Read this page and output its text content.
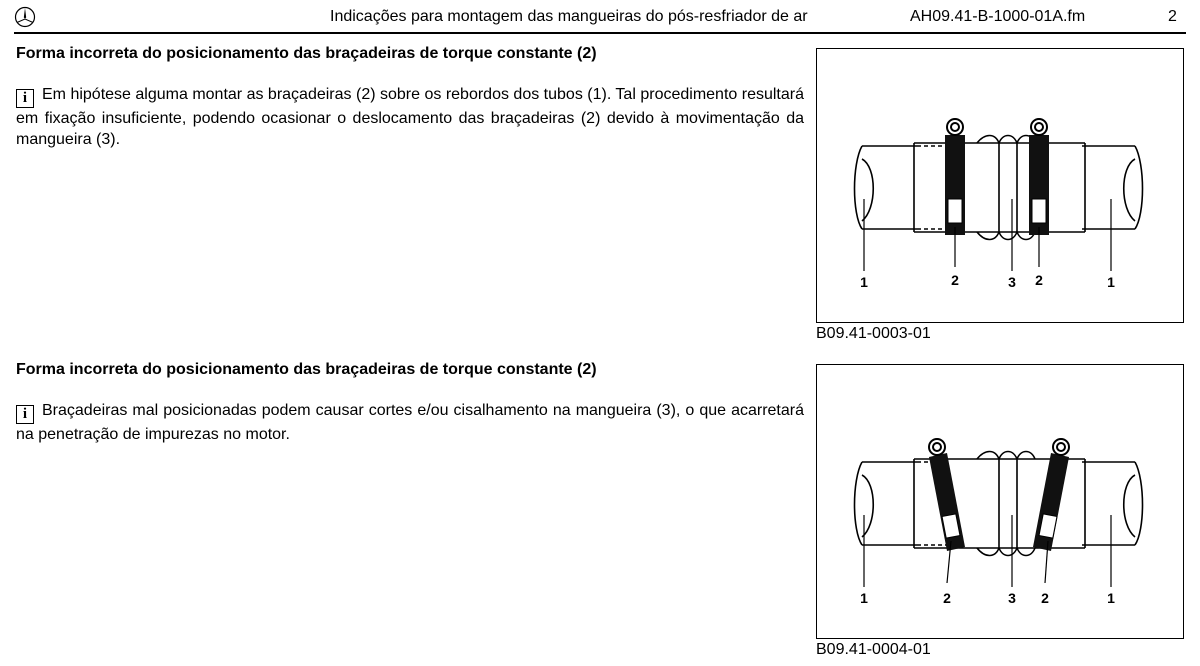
Indicações para montagem das mangueiras do pós-resfriador de ar	AH09.41-B-1000-01A.fm	2
Forma incorreta do posicionamento das braçadeiras de torque constante (2)

i Em hipótese alguma montar as braçadeiras (2) sobre os rebordos dos tubos (1). Tal procedimento resultará em fixação insuficiente, podendo ocasionar o deslocamento das braçadeiras (2) devido à movimentação da mangueira (3).

1	2	3 2	1
B09.41-0003-01
Forma incorreta do posicionamento das braçadeiras de torque constante (2)

i Braçadeiras mal posicionadas podem causar cortes e/ou cisalhamento na mangueira (3), o que acarretará na penetração de impurezas no motor.

1	2	3 2	1
B09.41-0004-01
